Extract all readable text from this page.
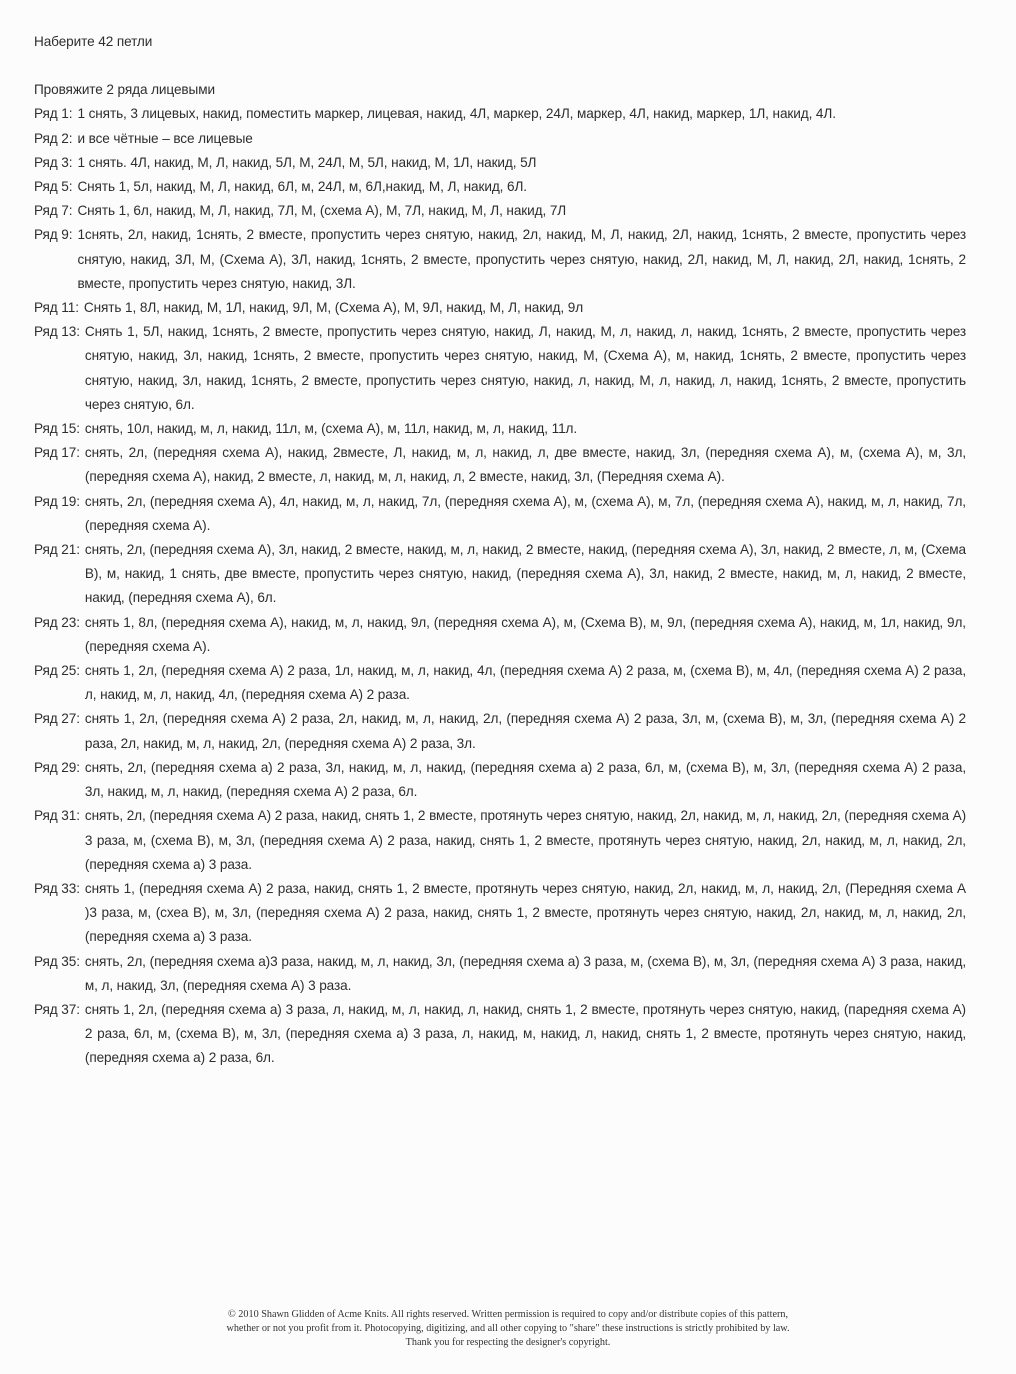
Наберите 42 петли
Провяжите 2 ряда лицевыми
Ряд 1: 1 снять, 3 лицевых, накид, поместить маркер, лицевая, накид, 4Л, маркер, 24Л, маркер, 4Л, накид, маркер, 1Л, накид, 4Л.
Ряд 2: и все чётные – все лицевые
Ряд 3: 1 снять. 4Л, накид, М, Л, накид, 5Л, М, 24Л, М, 5Л, накид, М, 1Л, накид, 5Л
Ряд 5: Снять 1, 5л, накид, М, Л, накид, 6Л, м, 24Л, м, 6Л,накид, М, Л, накид, 6Л.
Ряд 7: Снять 1, 6л, накид, М, Л, накид, 7Л, М, (схема А), М, 7Л, накид, М, Л, накид, 7Л
Ряд 9: 1снять, 2л, накид, 1снять, 2 вместе, пропустить через снятую, накид, 2л, накид, М, Л, накид, 2Л, накид, 1снять, 2 вместе, пропустить через снятую, накид, 3Л, М, (Схема А), 3Л, накид, 1снять, 2 вместе, пропустить через снятую, накид, 2Л, накид, М, Л, накид, 2Л, накид, 1снять, 2 вместе, пропустить через снятую, накид, 3Л.
Ряд 11: Снять 1, 8Л, накид, М, 1Л, накид, 9Л, М, (Схема А), М, 9Л, накид, М, Л, накид, 9л
Ряд 13: Снять 1, 5Л, накид, 1снять, 2 вместе, пропустить через снятую, накид, Л, накид, М, л, накид, л, накид, 1снять, 2 вместе, пропустить через снятую, накид, 3л, накид, 1снять, 2 вместе, пропустить через снятую, накид, М, (Схема А), м, накид, 1снять, 2 вместе, пропустить через снятую, накид, 3л, накид, 1снять, 2 вместе, пропустить через снятую, накид, л, накид, М, л, накид, л, накид, 1снять, 2 вместе, пропустить через снятую, 6л.
Ряд 15: снять, 10л, накид, м, л, накид, 11л, м, (схема А), м, 11л, накид, м, л, накид, 11л.
Ряд 17: снять, 2л, (передняя схема А), накид, 2вместе, Л, накид, м, л, накид, л, две вместе, накид, 3л, (передняя схема А), м, (схема А), м, 3л, (передняя схема А), накид, 2 вместе, л, накид, м, л, накид, л, 2 вместе, накид, 3л, (Передняя схема А).
Ряд 19: снять, 2л, (передняя схема А), 4л, накид, м, л, накид, 7л, (передняя схема А), м, (схема А), м, 7л, (передняя схема А), накид, м, л, накид, 7л, (передняя схема А).
Ряд 21: снять, 2л, (передняя схема А), 3л, накид, 2 вместе, накид, м, л, накид, 2 вместе, накид, (передняя схема А), 3л, накид, 2 вместе, л, м, (Схема В), м, накид, 1 снять, две вместе, пропустить через снятую, накид, (передняя схема А), 3л, накид, 2 вместе, накид, м, л, накид, 2 вместе, накид, (передняя схема А), 6л.
Ряд 23: снять 1, 8л, (передняя схема А), накид, м, л, накид, 9л, (передняя схема А), м, (Схема В), м, 9л, (передняя схема А), накид, м, 1л, накид, 9л, (передняя схема А).
Ряд 25: снять 1, 2л, (передняя схема А) 2 раза, 1л, накид, м, л, накид, 4л, (передняя схема А) 2 раза, м, (схема В), м, 4л, (передняя схема А) 2 раза, л, накид, м, л, накид, 4л, (передняя схема А) 2 раза.
Ряд 27: снять 1, 2л, (передняя схема А) 2 раза, 2л, накид, м, л, накид, 2л, (передняя схема А) 2 раза, 3л, м, (схема В), м, 3л, (передняя схема А) 2 раза, 2л, накид, м, л, накид, 2л, (передняя схема А) 2 раза, 3л.
Ряд 29: снять, 2л, (передняя схема а) 2 раза, 3л, накид, м, л, накид, (передняя схема а) 2 раза, 6л, м, (схема В), м, 3л, (передняя схема А) 2 раза, 3л, накид, м, л, накид, (передняя схема А) 2 раза, 6л.
Ряд 31: снять, 2л, (передняя схема А) 2 раза, накид, снять 1, 2 вместе, протянуть через снятую, накид, 2л, накид, м, л, накид, 2л, (передняя схема А) 3 раза, м, (схема В), м, 3л, (передняя схема А) 2 раза, накид, снять 1, 2 вместе, протянуть через снятую, накид, 2л, накид, м, л, накид, 2л, (передняя схема а) 3 раза.
Ряд 33: снять 1, (передняя схема А) 2 раза, накид, снять 1, 2 вместе, протянуть через снятую, накид, 2л, накид, м, л, накид, 2л, (Передняя схема А )3 раза, м, (схеа В), м, 3л, (передняя схема А) 2 раза, накид, снять 1, 2 вместе, протянуть через снятую, накид, 2л, накид, м, л, накид, 2л, (передняя схема а) 3 раза.
Ряд 35: снять, 2л, (передняя схема а)3 раза, накид, м, л, накид, 3л, (передняя схема а) 3 раза, м, (схема В), м, 3л, (передняя схема А) 3 раза, накид, м, л, накид, 3л, (передняя схема А) 3 раза.
Ряд 37: снять 1, 2л, (передняя схема а) 3 раза, л, накид, м, л, накид, л, накид, снять 1, 2 вместе, протянуть через снятую, накид, (пaредняя схема А) 2 раза, 6л, м, (схема В), м, 3л, (передняя схема а) 3 раза, л, накид, м, накид, л, накид, снять 1, 2 вместе, протянуть через снятую, накид, (передняя схема а) 2 раза, 6л.
© 2010 Shawn Glidden of Acme Knits. All rights reserved. Written permission is required to copy and/or distribute copies of this pattern,
whether or not you profit from it. Photocopying, digitizing, and all other copying to "share" these instructions is strictly prohibited by law.
Thank you for respecting the designer's copyright.
